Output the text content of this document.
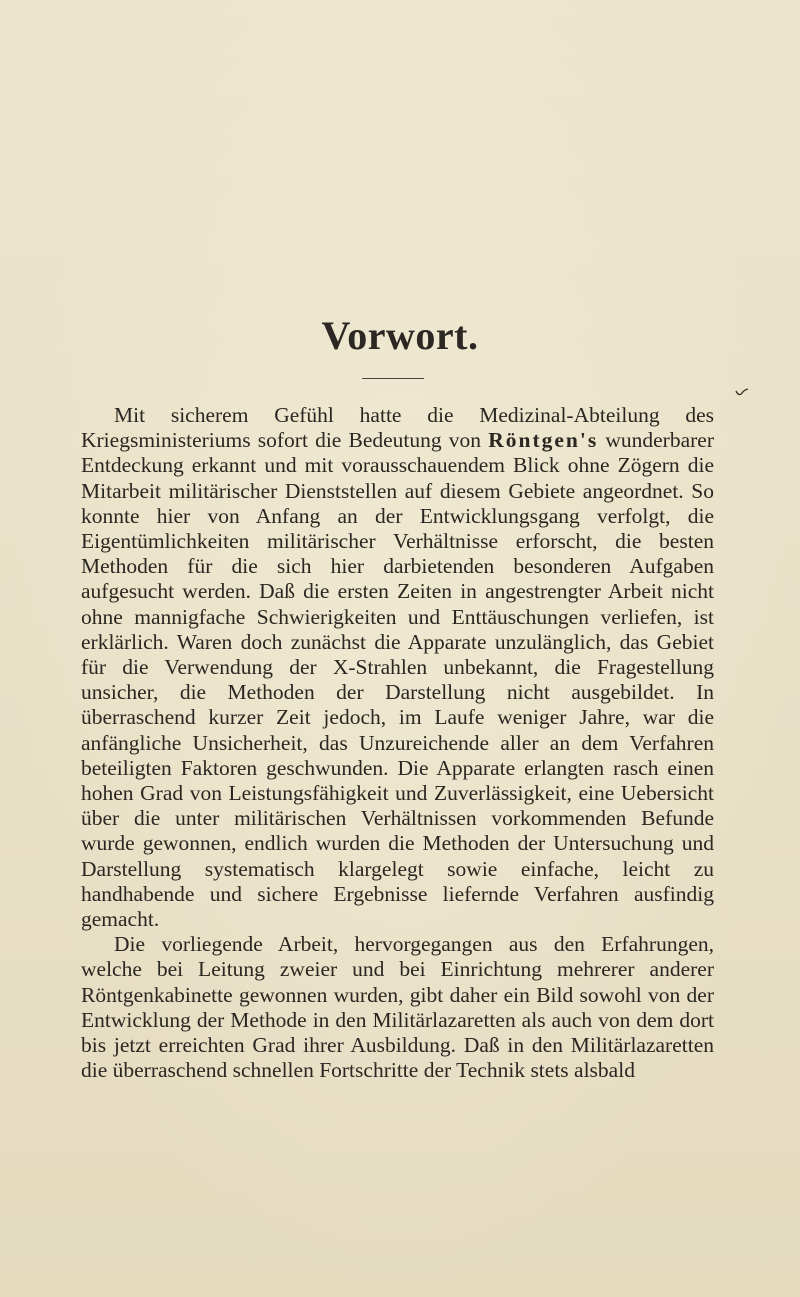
Vorwort.

Mit sicherem Gefühl hatte die Medizinal-Abteilung des Kriegsministeriums sofort die Bedeutung von Röntgen's wunderbarer Entdeckung erkannt und mit vorausschauendem Blick ohne Zögern die Mitarbeit militärischer Dienststellen auf diesem Gebiete angeordnet. So konnte hier von Anfang an der Entwicklungsgang verfolgt, die Eigentümlichkeiten militärischer Verhältnisse erforscht, die besten Methoden für die sich hier darbietenden besonderen Aufgaben aufgesucht werden. Daß die ersten Zeiten in angestrengter Arbeit nicht ohne mannigfache Schwierigkeiten und Enttäuschungen verliefen, ist erklärlich. Waren doch zunächst die Apparate unzulänglich, das Gebiet für die Verwendung der X-Strahlen unbekannt, die Fragestellung unsicher, die Methoden der Darstellung nicht ausgebildet. In überraschend kurzer Zeit jedoch, im Laufe weniger Jahre, war die anfängliche Unsicherheit, das Unzureichende aller an dem Verfahren beteiligten Faktoren geschwunden. Die Apparate erlangten rasch einen hohen Grad von Leistungsfähigkeit und Zuverlässigkeit, eine Uebersicht über die unter militärischen Verhältnissen vorkommenden Befunde wurde gewonnen, endlich wurden die Methoden der Untersuchung und Darstellung systematisch klargelegt sowie einfache, leicht zu handhabende und sichere Ergebnisse liefernde Verfahren ausfindig gemacht.

Die vorliegende Arbeit, hervorgegangen aus den Erfahrungen, welche bei Leitung zweier und bei Einrichtung mehrerer anderer Röntgenkabinette gewonnen wurden, gibt daher ein Bild sowohl von der Entwicklung der Methode in den Militärlazaretten als auch von dem dort bis jetzt erreichten Grad ihrer Ausbildung. Daß in den Militärlazaretten die überraschend schnellen Fortschritte der Technik stets alsbald
